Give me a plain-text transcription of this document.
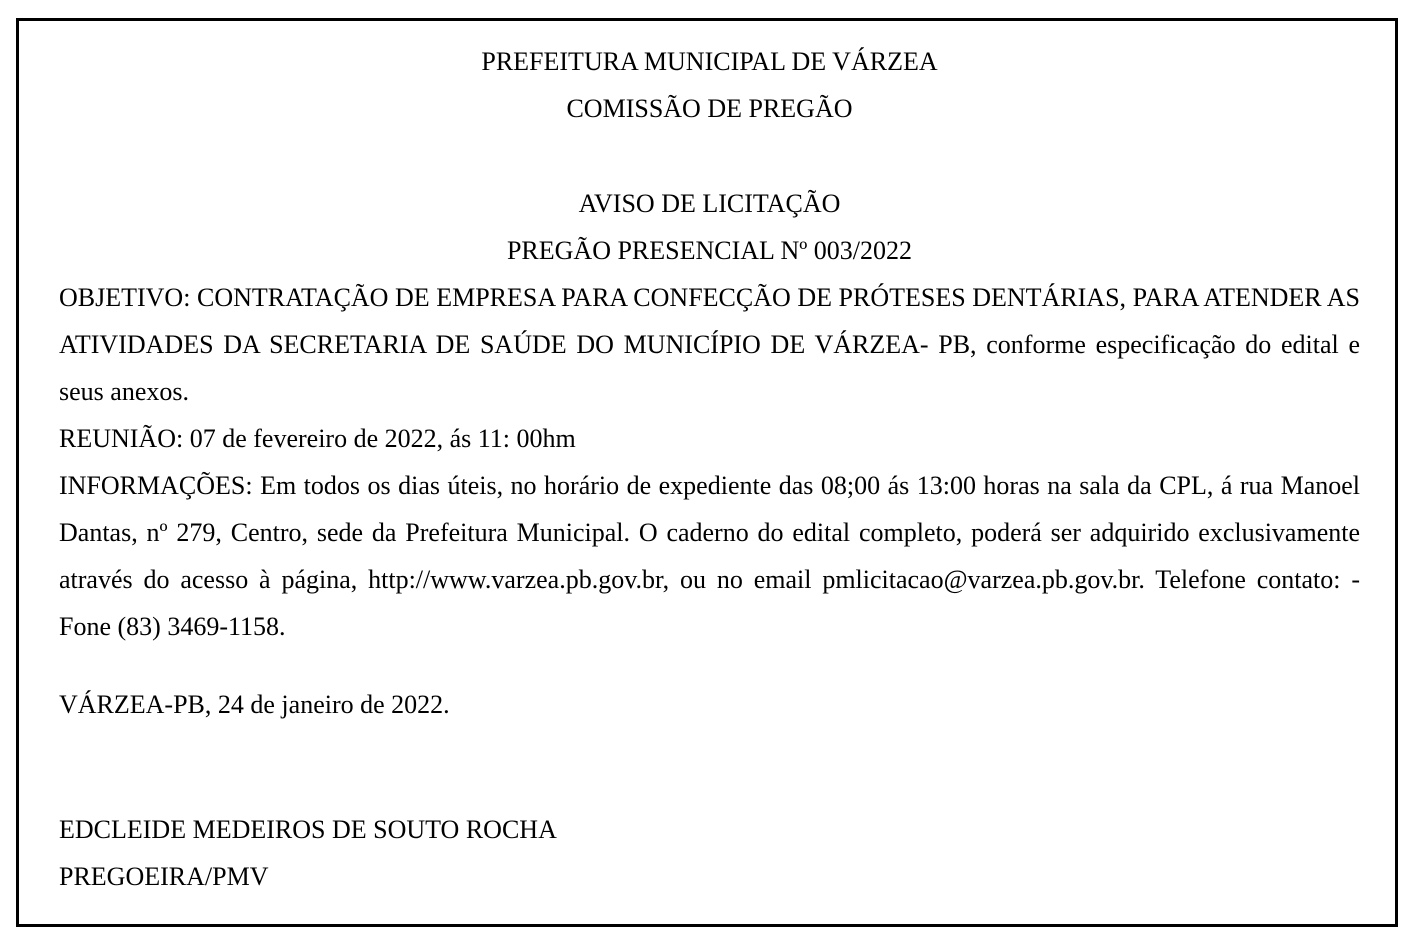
PREFEITURA MUNICIPAL DE VÁRZEA
COMISSÃO DE PREGÃO
AVISO DE LICITAÇÃO
PREGÃO PRESENCIAL Nº 003/2022
OBJETIVO: CONTRATAÇÃO DE EMPRESA PARA CONFECÇÃO DE PRÓTESES DENTÁRIAS, PARA ATENDER AS ATIVIDADES DA SECRETARIA DE SAÚDE DO MUNICÍPIO DE VÁRZEA- PB, conforme especificação do edital e seus anexos.
REUNIÃO: 07 de fevereiro de 2022, ás 11: 00hm
INFORMAÇÕES: Em todos os dias úteis, no horário de expediente das 08;00 ás 13:00 horas na sala da CPL, á rua Manoel Dantas, nº 279, Centro, sede da Prefeitura Municipal. O caderno do edital completo, poderá ser adquirido exclusivamente através do acesso à página, http://www.varzea.pb.gov.br, ou no email pmlicitacao@varzea.pb.gov.br. Telefone contato: - Fone (83) 3469-1158.
VÁRZEA-PB, 24 de janeiro de 2022.
EDCLEIDE MEDEIROS DE SOUTO ROCHA
PREGOEIRA/PMV
